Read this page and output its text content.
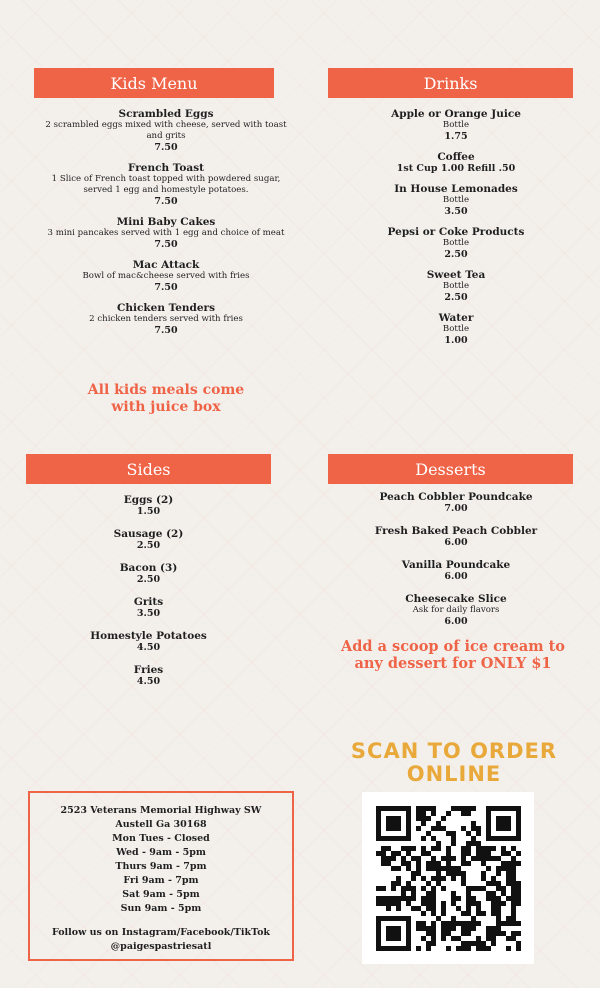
Kids Menu
Scrambled Eggs
2 scrambled eggs mixed with cheese, served with toast and grits
7.50
French Toast
1 Slice of French toast topped with powdered sugar, served 1 egg and homestyle potatoes.
7.50
Mini Baby Cakes
3 mini pancakes served with 1 egg and choice of meat
7.50
Mac Attack
Bowl of mac&cheese served with fries
7.50
Chicken Tenders
2 chicken tenders served with fries
7.50
All kids meals come
with juice box
Drinks
Apple or Orange Juice
Bottle
1.75
Coffee
1st Cup 1.00 Refill .50
In House Lemonades
Bottle
3.50
Pepsi or Coke Products
Bottle
2.50
Sweet Tea
Bottle
2.50
Water
Bottle
1.00
Sides
Eggs (2)
1.50
Sausage (2)
2.50
Bacon (3)
2.50
Grits
3.50
Homestyle Potatoes
4.50
Fries
4.50
Desserts
Peach Cobbler Poundcake
7.00
Fresh Baked Peach Cobbler
6.00
Vanilla Poundcake
6.00
Cheesecake Slice
Ask for daily flavors
6.00
Add a scoop of ice cream to
any dessert for ONLY $1
SCAN TO ORDER
ONLINE
2523 Veterans Memorial Highway SW
Austell Ga 30168
Mon Tues - Closed
Wed - 9am - 5pm
Thurs 9am - 7pm
Fri 9am - 7pm
Sat 9am - 5pm
Sun 9am - 5pm
Follow us on Instagram/Facebook/TikTok
@paigespastriesatl
